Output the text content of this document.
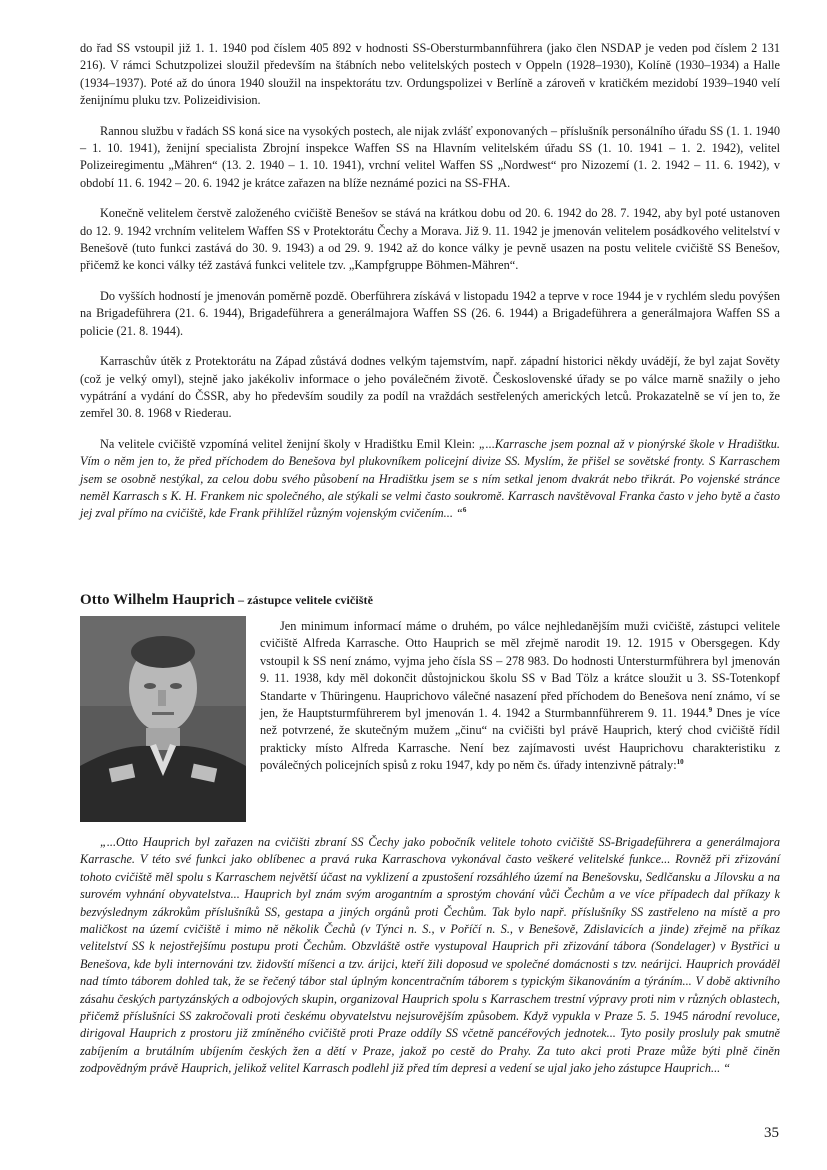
do řad SS vstoupil již 1. 1. 1940 pod číslem 405 892 v hodnosti SS-Obersturmbannführera (jako člen NSDAP je veden pod číslem 2 131 216). V rámci Schutzpolizei sloužil především na štábních nebo velitelských postech v Oppeln (1928–1930), Kolíně (1930–1934) a Halle (1934–1937). Poté až do února 1940 sloužil na inspektorátu tzv. Ordungspolizei v Berlíně a zároveň v kratičkém mezidobí 1939–1940 velí ženijnímu pluku tzv. Polizeidivision.

Rannou službu v řadách SS koná sice na vysokých postech, ale nijak zvlášť exponovaných – příslušník personálního úřadu SS (1. 1. 1940 – 1. 10. 1941), ženijní specialista Zbrojní inspekce Waffen SS na Hlavním velitelském úřadu SS (1. 10. 1941 – 1. 2. 1942), velitel Polizeiregimentu „Mähren“ (13. 2. 1940 – 1. 10. 1941), vrchní velitel Waffen SS „Nordwest“ pro Nizozemí (1. 2. 1942 – 11. 6. 1942), v období 11. 6. 1942 – 20. 6. 1942 je krátce zařazen na blíže neznámé pozici na SS-FHA.

Konečně velitelem čerstvě založeného cvičiště Benešov se stává na krátkou dobu od 20. 6. 1942 do 28. 7. 1942, aby byl poté ustanoven do 12. 9. 1942 vrchním velitelem Waffen SS v Protektorátu Čechy a Morava. Již 9. 11. 1942 je jmenován velitelem posádkového velitelství v Benešově (tuto funkci zastává do 30. 9. 1943) a od 29. 9. 1942 až do konce války je pevně usazen na postu velitele cvičiště SS Benešov, přičemž ke konci války též zastává funkci velitele tzv. „Kampfgruppe Böhmen-Mähren“.

Do vyšších hodností je jmenován poměrně pozdě. Oberführera získává v listopadu 1942 a teprve v roce 1944 je v rychlém sledu povýšen na Brigadeführera (21. 6. 1944), Brigadeführera a generálmajora Waffen SS (26. 6. 1944) a Brigadeführera a generálmajora Waffen SS a policie (21. 8. 1944).

Karraschův útěk z Protektorátu na Západ zůstává dodnes velkým tajemstvím, např. západní historici někdy uvádějí, že byl zajat Sověty (což je velký omyl), stejně jako jakékoliv informace o jeho poválečném životě. Československé úřady se po válce marně snažily o jeho vypátrání a vydání do ČSSR, aby ho především soudily za podíl na vraždách sestřelených amerických letců. Prokazatelně se ví jen to, že zemřel 30. 8. 1968 v Riederau.

Na velitele cvičiště vzpomíná velitel ženijní školy v Hradištku Emil Klein: „...Karrasche jsem poznal až v pionýrské škole v Hradištku. Vím o něm jen to, že před příchodem do Benešova byl plukovníkem policejní divize SS. Myslím, že přišel se sovětské fronty. S Karraschem jsem se osobně nestýkal, za celou dobu svého působení na Hradištku jsem se s ním setkal jenom dvakrát nebo třikrát. Po vojenské stránce neměl Karrasch s K. H. Frankem nic společného, ale stýkali se velmi často soukromě. Karrasch navštěvoval Franka často v jeho bytě a často jej zval přímo na cvičiště, kde Frank přihlížel různým vojenským cvičením... “$^6$

Otto Wilhelm Hauprich – zástupce velitele cvičiště

Jen minimum informací máme o druhém, po válce nejhledanějším muži cvičiště, zástupci velitele cvičiště Alfreda Karrasche. Otto Hauprich se měl zřejmě narodit 19. 12. 1915 v Obersgegen. Kdy vstoupil k SS není známo, vyjma jeho čísla SS – 278 983. Do hodnosti Untersturmführera byl jmenován 9. 11. 1938, kdy měl dokončit důstojnickou školu SS v Bad Tölz a krátce sloužit u 3. SS-Totenkopf Standarte v Thüringenu. Hauprichovo válečné nasazení před příchodem do Benešova není známo, ví se jen, že Hauptsturmführerem byl jmenován 1. 4. 1942 a Sturmbannführerem 9. 11. 1944.$^9$ Dnes je více než potvrzené, že skutečným mužem „činu“ na cvičišti byl právě Hauprich, který chod cvičiště řídil prakticky místo Alfreda Karrasche. Není bez zajímavosti uvést Hauprichovu charakteristiku z poválečných policejních spisů z roku 1947, kdy po něm čs. úřady intenzivně pátraly:$^{10}$

„...Otto Hauprich byl zařazen na cvičišti zbraní SS Čechy jako pobočník velitele tohoto cvičiště SS-Brigadeführera a generálmajora Karrasche. V této své funkci jako oblíbenec a pravá ruka Karraschova vykonával často veškeré velitelské funkce... Rovněž při zřizování tohoto cvičiště měl spolu s Karraschem největší účast na vyklizení a zpustošení rozsáhlého území na Benešovsku, Sedlčansku a Jílovsku a na surovém vyhnání obyvatelstva... Hauprich byl znám svým arogantním a sprostým chování vůči Čechům a ve více případech dal příkazy k bezvýslednym zákrokům příslušníků SS, gestapa a jiných orgánů proti Čechům. Tak bylo např. příslušníky SS zastřeleno na místě a pro maličkost na území cvičiště i mimo ně několik Čechů (v Týnci n. S., v Poříčí n. S., v Benešově, Zdislavicích a jinde) zřejmě na příkaz velitelství SS k nejostřejšímu postupu proti Čechům. Obzvláště ostře vystupoval Hauprich při zřizování tábora (Sondelager) v Bystřici u Benešova, kde byli internováni tzv. židovští míšenci a tzv. árijci, kteří žili doposud ve společné domácnosti s tzv. neárijci. Hauprich prováděl nad tímto táborem dohled tak, že se řečený tábor stal úplným koncentračním táborem s typickým šikanováním a týráním... V době aktivního zásahu českých partyzánských a odbojových skupin, organizoval Hauprich spolu s Karraschem trestní výpravy proti nim v různých oblastech, přičemž příslušníci SS zakročovali proti českému obyvatelstvu nejsurovějším způsobem. Když vypukla v Praze 5. 5. 1945 národní revoluce, dirigoval Hauprich z prostoru již zmíněného cvičiště proti Praze oddíly SS včetně pancéřových jednotek... Tyto posily prosluly pak smutně zabíjením a brutálním ubíjením českých žen a dětí v Praze, jakož po cestě do Prahy. Za tuto akci proti Praze může býti plně činěn zodpovědným právě Hauprich, jelikož velitel Karrasch podlehl již před tím depresi a vedení se ujal jako jeho zástupce Hauprich... “

35
